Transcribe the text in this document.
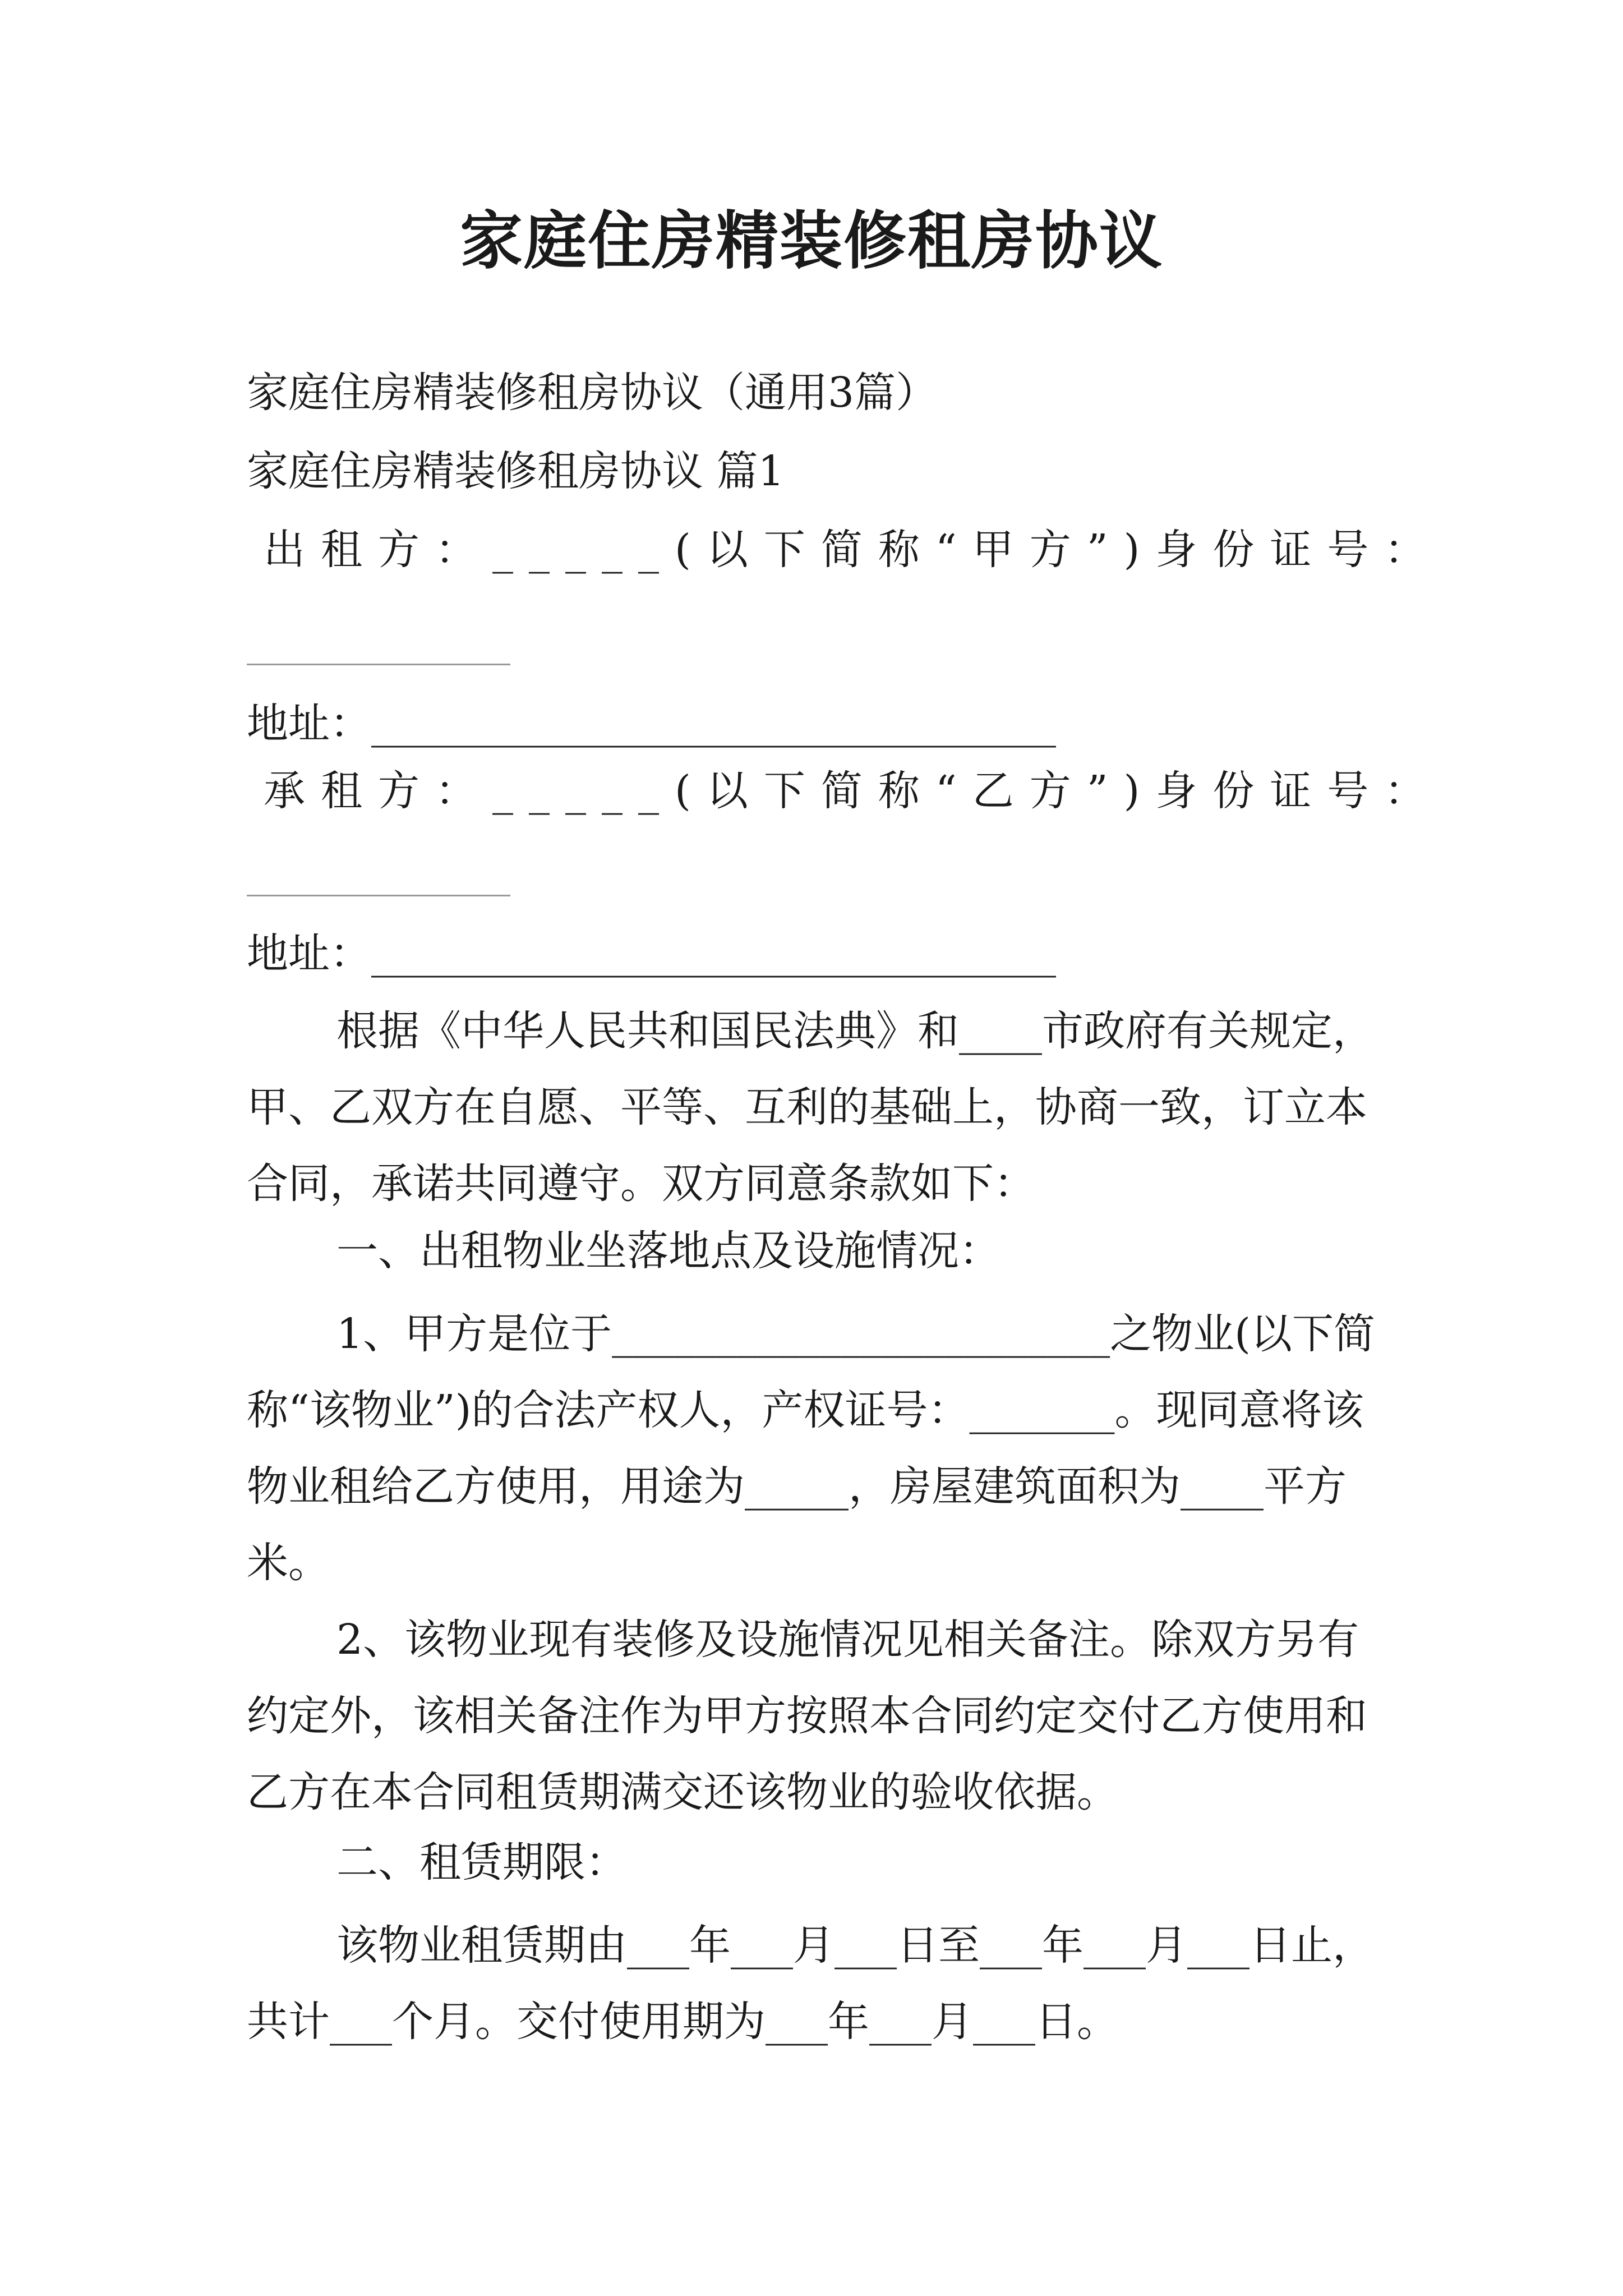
家庭住房精装修租房协议
家庭住房精装修租房协议（通用3篇）
家庭住房精装修租房协议 篇1
出租方：_____(以下简称“甲方”)身份证号：
地址：_________________________________
承租方：_____(以下简称“乙方”)身份证号：
地址：_________________________________

根据《中华人民共和国民法典》和____市政府有关规定，甲、乙双方在自愿、平等、互利的基础上，协商一致，订立本合同，承诺共同遵守。双方同意条款如下：

一、出租物业坐落地点及设施情况：

1、甲方是位于________________________之物业(以下简称“该物业”)的合法产权人，产权证号：_______。现同意将该物业租给乙方使用，用途为_____，房屋建筑面积为____平方米。

2、该物业现有装修及设施情况见相关备注。除双方另有约定外，该相关备注作为甲方按照本合同约定交付乙方使用和乙方在本合同租赁期满交还该物业的验收依据。

二、租赁期限：

该物业租赁期由___年___月___日至___年___月___日止，共计___个月。交付使用期为___年___月___日。
